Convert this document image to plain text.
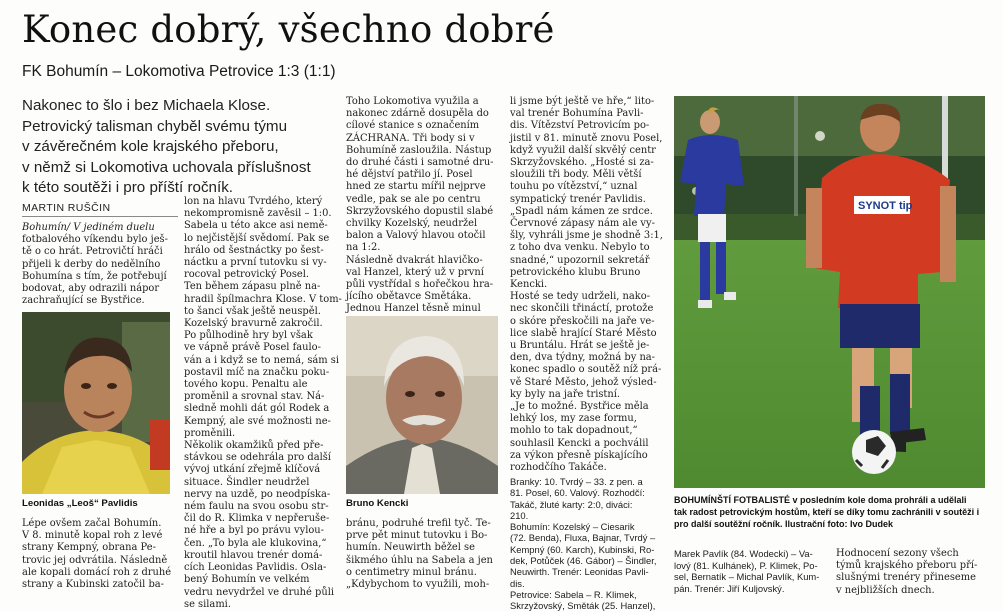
Konec dobrý, všechno dobré
FK Bohumín – Lokomotiva Petrovice 1:3 (1:1)

Nakonec to šlo i bez Michaela Klose.

Petrovický talisman chyběl svému týmu

v závěrečném kole krajského přeboru,

v němž si Lokomotiva uchovala příslušnost

k této soutěži i pro příští ročník.

MARTIN RUŠČIN

Bohumín/ V jediném duelu

fotbalového víkendu bylo ješ-

tě o co hrát. Petrovičtí hráči

přijeli k derby do nedělního

Bohumína s tím, že potřebují

bodovat, aby odrazili nápor

zachraňující se Bystřice.

Leonidas „Leoš“ Pavlidis

Lépe ovšem začal Bohumín.

V 8. minutě kopal roh z levé

strany Kempný, obrana Pe-

trovic jej odvrátila. Následně

ale kopali domácí roh z druhé

strany a Kubinski zatočil ba-

lon na hlavu Tvrdého, který

nekompromisně zavěsil – 1:0.

Sabela u této akce asi nemě-

lo nejčistější svědomí. Pak se

hrálo od šestnáctky po šest-

náctku a první tutovku si vy-

rocoval petrovický Posel.

Ten během zápasu plně na-

hradil špílmachra Klose. V tom-

to šanci však ještě neuspěl.

Kozelský bravurně zakročil.

Po půlhodině hry byl však

ve vápně právě Posel faulo-

ván a i když se to nemá, sám si

postavil míč na značku poku-

tového kopu. Penaltu ale

proměnil a srovnal stav. Ná-

sledně mohli dát gól Rodek a

Kempný, ale své možnosti ne-

proměnili.

Několik okamžiků před pře-

stávkou se odehrála pro další

vývoj utkání zřejmě klíčová

situace. Šindler neudržel

nervy na uzdě, po neodpíska-

ném faulu na svou osobu str-

čil do R. Klimka v nepřeruše-

né hře a byl po právu vylou-

čen. „To byla ale klukovina,“

kroutil hlavou trenér domá-

cích Leonidas Pavlidis. Osla-

bený Bohumín ve velkém

vedru nevydržel ve druhé půli

se silami.

Toho Lokomotiva využila a

nakonec zdárně dosupěla do

cílové stanice s označením

ZÁCHRANA. Tři body si v

Bohumíně zasloužila. Nástup

do druhé části i samotné dru-

hé dějství patřilo jí. Posel

hned ze startu mířil nejprve

vedle, pak se ale po centru

Skrzyžovského dopustil slabé

chvilky Kozelský, neudržel

balon a Valový hlavou otočil

na 1:2.

Následně dvakrát hlavičko-

val Hanzel, který už v první

půli vystřídal s hořečkou hra-

jícího obětavce Smětáka.

Jednou Hanzel těsně minul

Bruno Kencki

bránu, podruhé trefil tyč. Te-

prve pět minut tutovku i Bo-

humín. Neuwirth běžel se

šikmého úhlu na Sabela a jen

o centimetry minul bránu.

„Kdybychom to využili, moh-

li jsme být ještě ve hře,“ lito-

val trenér Bohumína Pavli-

dis. Vítězství Petrovicím po-

jistil v 81. minutě znovu Posel,

když využil další skvělý centr

Skrzyžovského. „Hosté si za-

sloužili tři body. Měli větší

touhu po vítězství,“ uznal

sympatický trenér Pavlidis.

„Spadl nám kámen ze srdce.

Červnové zápasy nám ale vy-

šly, vyhráli jsme je shodně 3:1,

z toho dva venku. Nebylo to

snadné,“ upozornil sekretář

petrovického klubu Bruno

Kencki.

Hosté se tedy udrželi, nako-

nec skončili třináctí, protože

o skóre přeskočili na jaře ve-

lice slabě hrající Staré Město

u Bruntálu. Hrát se ještě je-

den, dva týdny, možná by na-

konec spadlo o soutěž níž prá-

vě Staré Město, jehož výsled-

ky byly na jaře tristní.

„Je to možné. Bystřice měla

lehký los, my zase formu,

mohlo to tak dopadnout,“

souhlasil Kencki a pochválil

za výkon přesně pískajícího

rozhodčího Takáče.

Branky: 10. Tvrdý – 33. z pen. a

81. Posel, 60. Valový. Rozhodčí:

Takáč, žluté karty: 2:0, diváci:

210.

Bohumín: Kozelský – Ciesarik

(72. Benda), Fluxa, Bajnar, Tvrdý –

Kempný (60. Karch), Kubinski, Ro-

dek, Potůček (46. Gábor) – Šindler,

Neuwirth. Trenér: Leonidas Pavli-

dis.

Petrovice: Sabela – R. Klimek,

Skrzyžovský, Směták (25. Hanzel),

SYNOT tip

BOHUMÍNŠTÍ FOTBALISTÉ v posledním kole doma prohráli a udělali

tak radost petrovickým hostům, kteří se díky tomu zachránili v soutěži i

pro další soutěžní ročník. Ilustrační foto: Ivo Dudek

Marek Pavlík (84. Wodecki) – Va-

lový (81. Kulhánek), P. Klimek, Po-

sel, Bernatík – Michal Pavlík, Kum-

pán. Trenér: Jiří Kuljovský.

Hodnocení sezony všech

týmů krajského přeboru pří-

slušnými trenéry přineseme

v nejbližších dnech.
